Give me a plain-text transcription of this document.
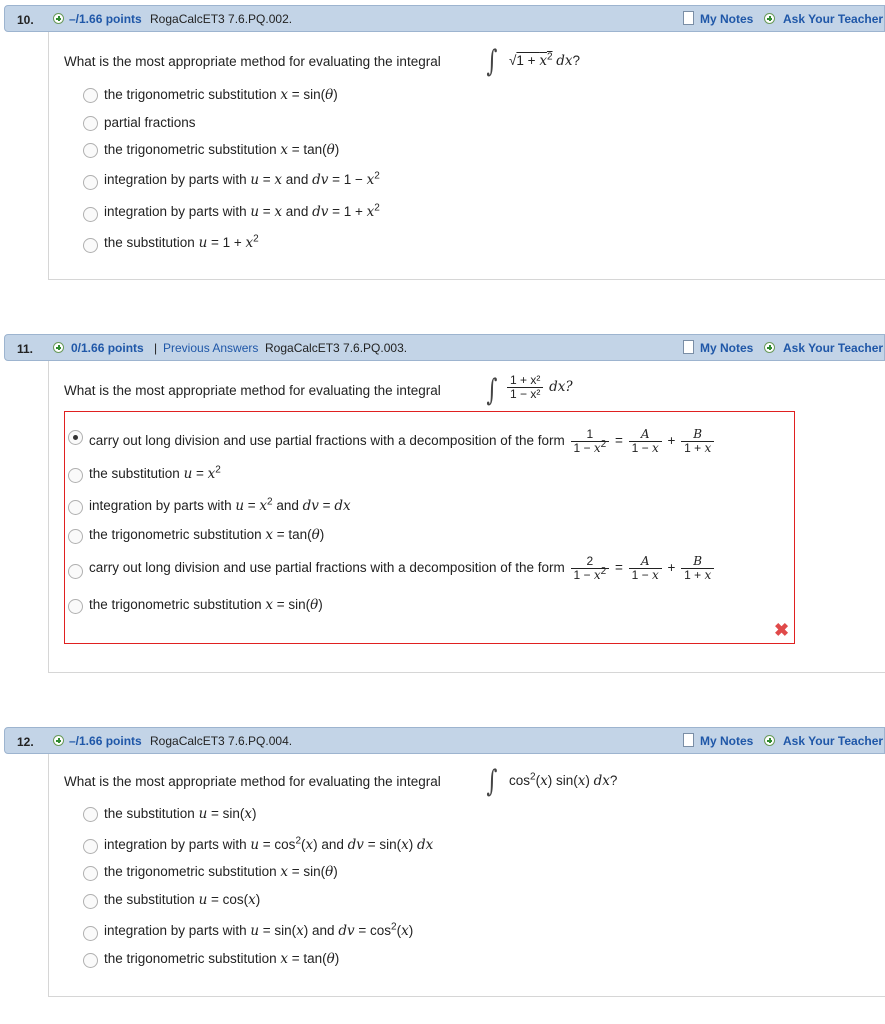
10.	–/1.66 points RogaCalcET3 7.6.PQ.002.	My Notes Ask Your Teacher
What is the most appropriate method for evaluating the integral ∫ $√1 + x^2$ dx?
the trigonometric substitution x = sin(θ)
partial fractions
the trigonometric substitution x = tan(θ)
integration by parts with u = x and dv = $1 - x^2$
integration by parts with u = x and dv = $1 + x^2$
the substitution $u = 1 + x^2$
11.	0/1.66 points | Previous Answers RogaCalcET3 7.6.PQ.003.	My Notes Ask Your Teacher
What is the most appropriate method for evaluating the integral ∫ $\frac{\text{1 + x²}}{\text{1 − x²}}$ dx?
carry out long division and use partial fractions with a decomposition of the form $\frac{1}{1 - x^2} = \frac{A}{1 - x} + \frac{B}{1 + x}$
the substitution $u = x^2$
integration by parts with $u = x^2$ and dv = dx
the trigonometric substitution x = tan(θ)
carry out long division and use partial fractions with a decomposition of the form $\frac{2}{1 - x^2} = \frac{A}{1 - x} + \frac{B}{1 + x}$
the trigonometric substitution x = sin(θ)
✖
12.	–/1.66 points RogaCalcET3 7.6.PQ.004.	My Notes Ask Your Teacher
What is the most appropriate method for evaluating the integral ∫ $\cos^2(x)$ sin(x) dx?
the substitution u = sin(x)
integration by parts with $u = \cos^2(x)$ and dv = sin(x) dx
the trigonometric substitution x = sin(θ)
the substitution u = cos(x)
integration by parts with u = sin(x) and dv = $\cos^2(x)$
the trigonometric substitution x = tan(θ)
